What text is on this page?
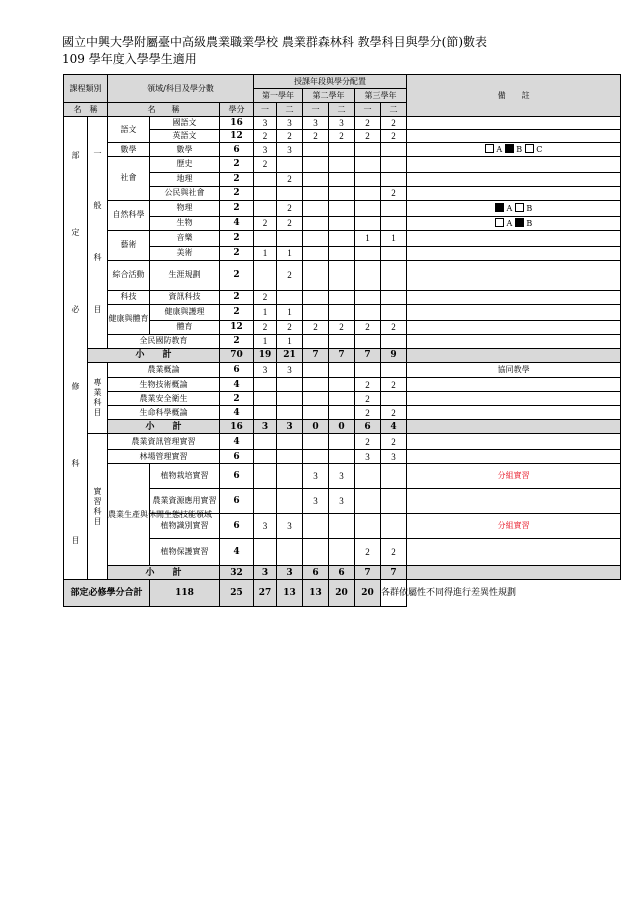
國立中興大學附屬臺中高級農業職業學校 農業群森林科 教學科目與學分(節)數表
109 學年度入學學生適用
課程類別		領域/科目及學分數			授課年段與學分配置						備　　註
					第一學年		第二學年		第三學年		
名　稱		名　　稱		學分	一	二	一	二	一	二	

部定必修科目	一般科目	語文	國語文	16	3	3	3	3	2	2	
			英語文	12	2	2	2	2	2	2	
		數學	數學	6	3	3					A B C
		社會	歷史	2	2						
			地理	2		2					
			公民與社會	2						2	
		自然科學	物理	2		2					A B
			生物	4	2	2					A B
		藝術	音樂	2					1	1	
			美術	2	1	1					
		綜合活動	生涯規劃	2		2					

		科技	資訊科技	2	2						
		健康與體育	健康與護理	2	1	1					
			體育	12	2	2	2	2	2	2	
		全民國防教育		2	1	1					
	小　　計			70	19	21	7	7	7	9	

	專業科目	農業概論		6	3	3					協同教學
		生物技術概論		4					2	2	
		農業安全衛生		2					2		
		生命科學概論		4					2	2	
		小　　計		16	3	3	0	0	6	4	

	實習科目	農業資訊管理實習		4					2	2	
		林場管理實習		6					3	3	
		農業生產與休閒生態技能領域	植物栽培實習	6			3	3			分組實習

			農業資源應用實習	6			3	3			

			植物識別實習	6	3	3					分組實習

			植物保護實習	4					2	2	

		小　　計		32	3	3	6	6	7	7	
部定必修學分合計			118	25	27	13	13	20	20	各群依屬性不同得進行差異性規劃	
